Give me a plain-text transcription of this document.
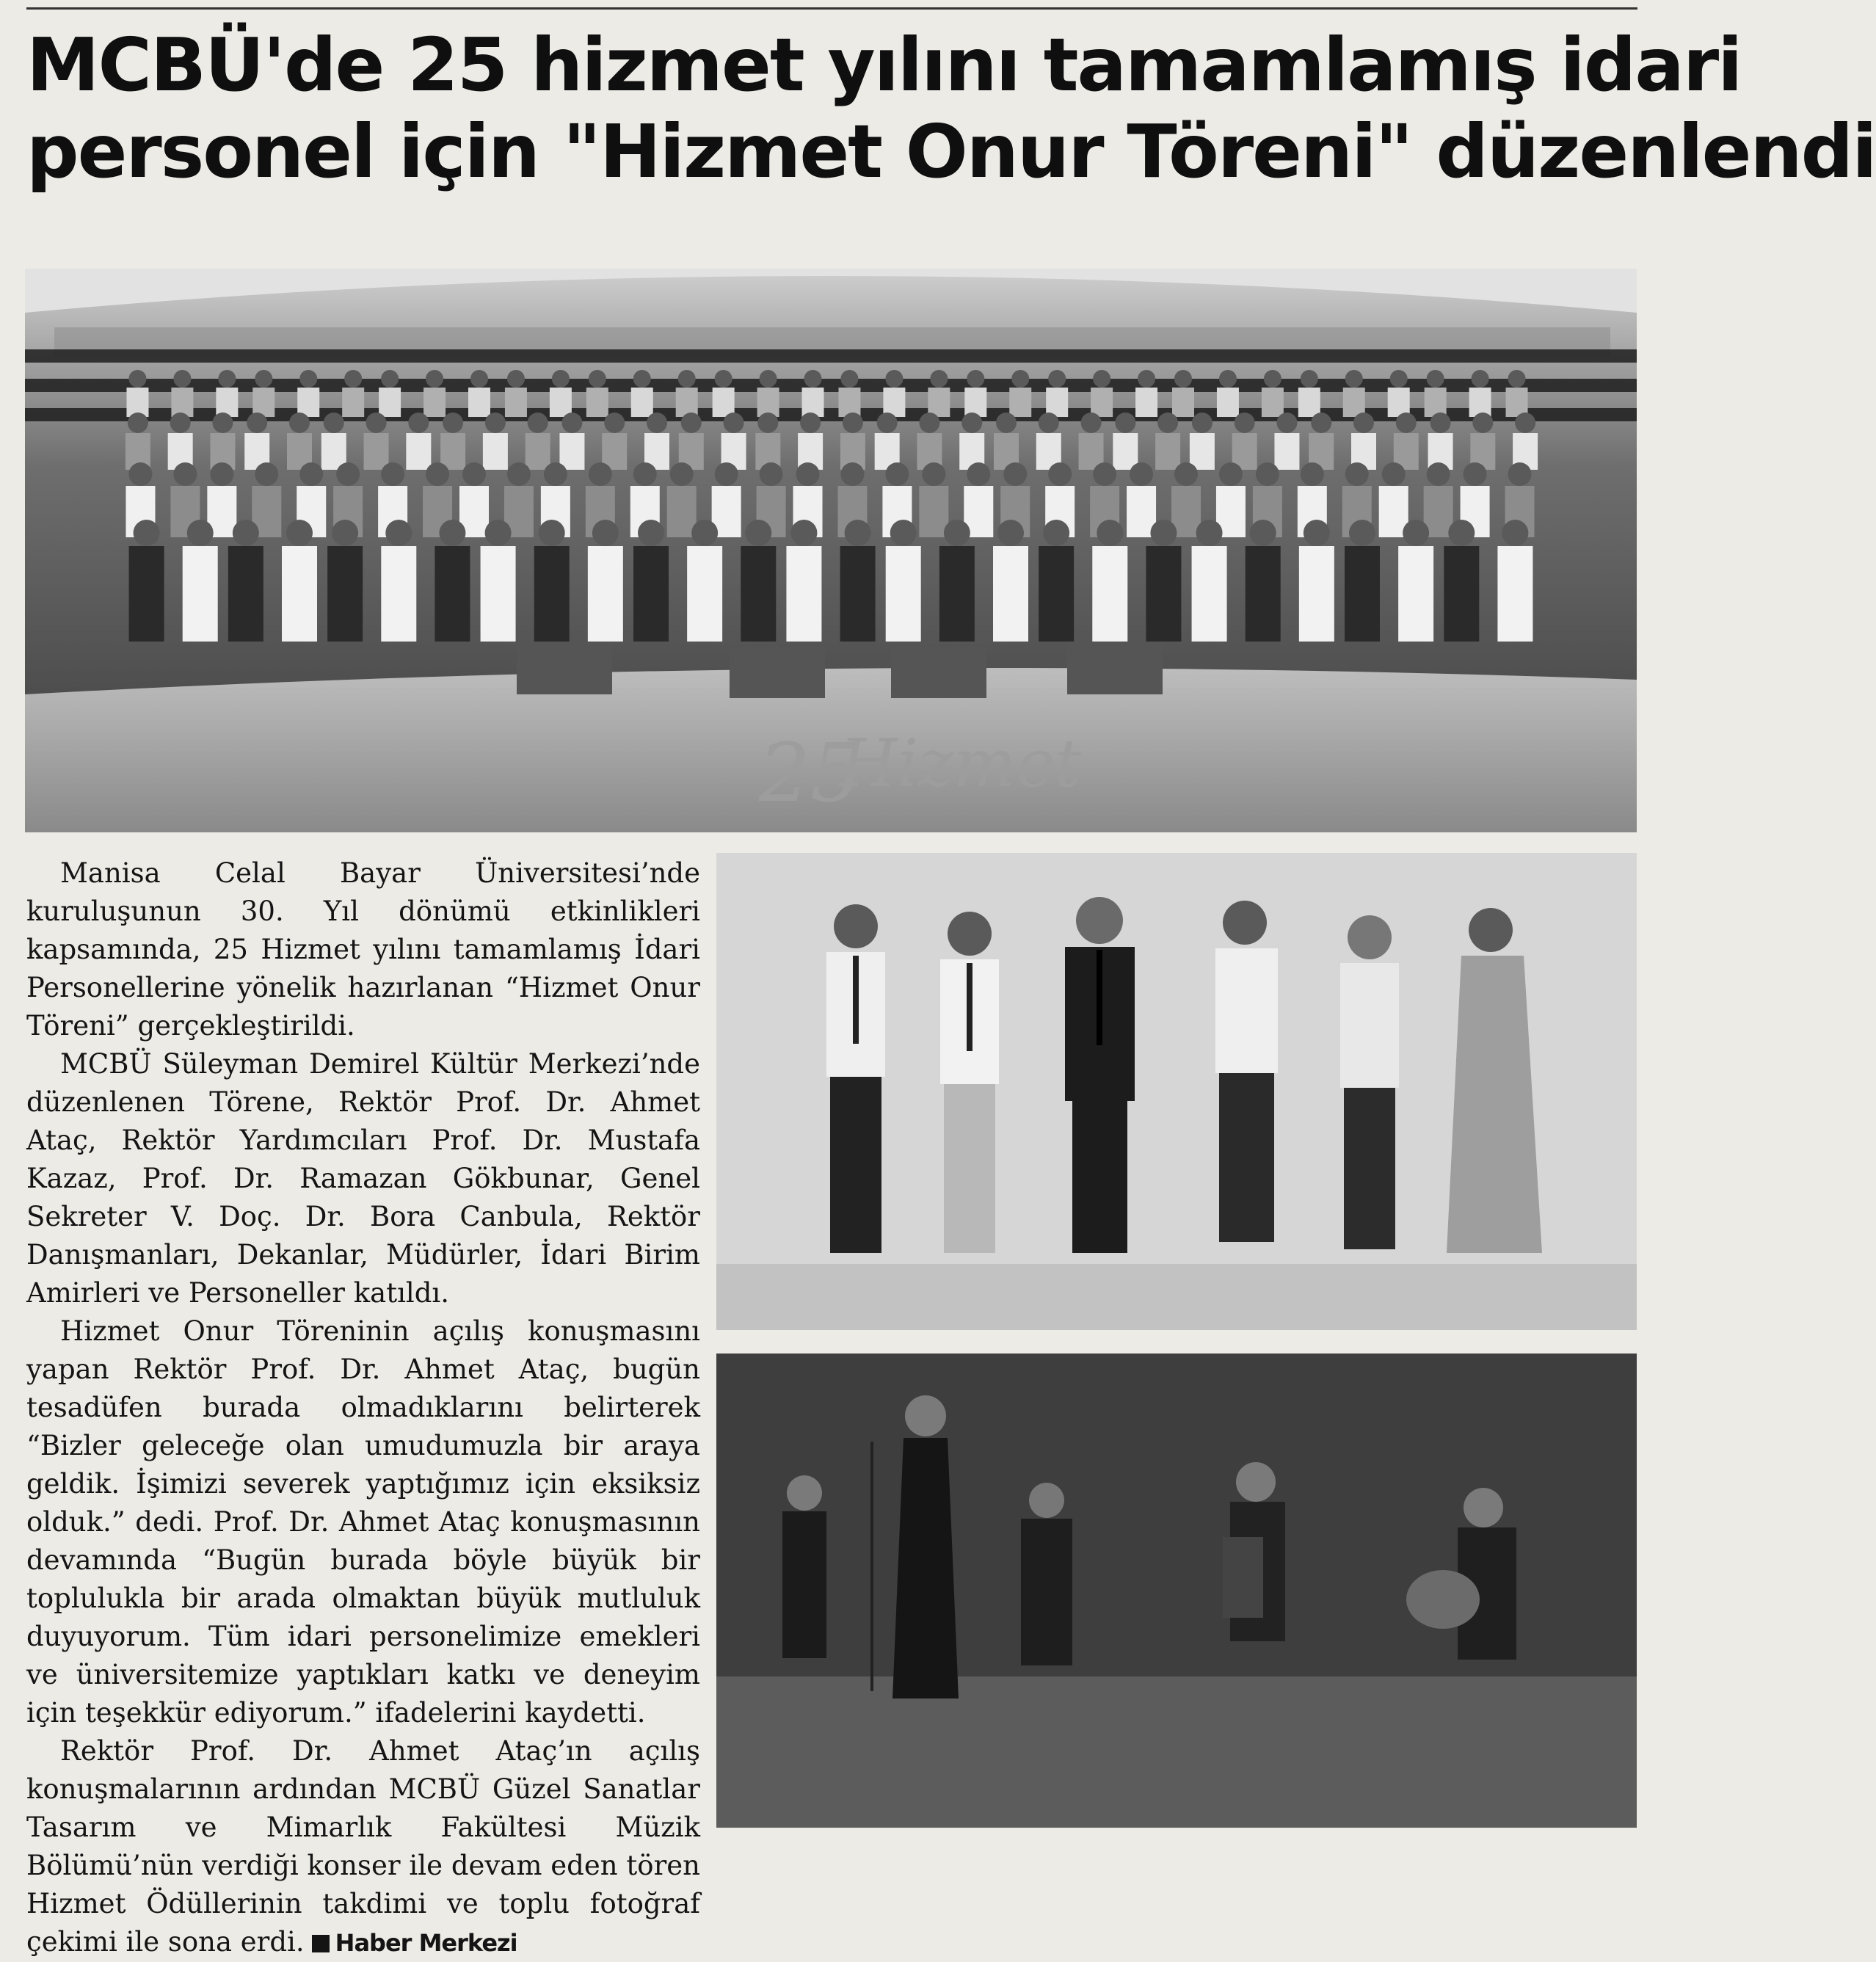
MCBÜ'de 25 hizmet yılını tamamlamış idari
personel için "Hizmet Onur Töreni" düzenlendi
25
Hizmet

Manisa Celal Bayar Üniversitesi’nde kuruluşunun 30. Yıl dönümü etkinlikleri kapsamında, 25 Hizmet yılını tamamlamış İdari Personellerine yönelik hazırlanan “Hizmet Onur Töreni” gerçekleştirildi.

MCBÜ Süleyman Demirel Kültür Merkezi’nde düzenlenen Törene, Rektör Prof. Dr. Ahmet Ataç, Rektör Yardımcıları Prof. Dr. Mustafa Kazaz, Prof. Dr. Ramazan Gökbunar, Genel Sekreter V. Doç. Dr. Bora Canbula, Rektör Danışmanları, Dekanlar, Müdürler, İdari Birim Amirleri ve Personeller katıldı.

Hizmet Onur Töreninin açılış konuşmasını yapan Rektör Prof. Dr. Ahmet Ataç, bugün tesadüfen burada olmadıklarını belirterek “Bizler geleceğe olan umudumuzla bir araya geldik. İşimizi severek yaptığımız için eksiksiz olduk.” dedi. Prof. Dr. Ahmet Ataç konuşmasının devamında “Bugün burada böyle büyük bir toplulukla bir arada olmaktan büyük mutluluk duyuyorum. Tüm idari personelimize emekleri ve üniversitemize yaptıkları katkı ve deneyim için teşekkür ediyorum.” ifadelerini kaydetti.

Rektör Prof. Dr. Ahmet Ataç’ın açılış konuşmalarının ardından MCBÜ Güzel Sanatlar Tasarım ve Mimarlık Fakültesi Müzik Bölümü’nün verdiği konser ile devam eden tören Hizmet Ödüllerinin takdimi ve toplu fotoğraf çekimi ile sona erdi. Haber Merkezi
